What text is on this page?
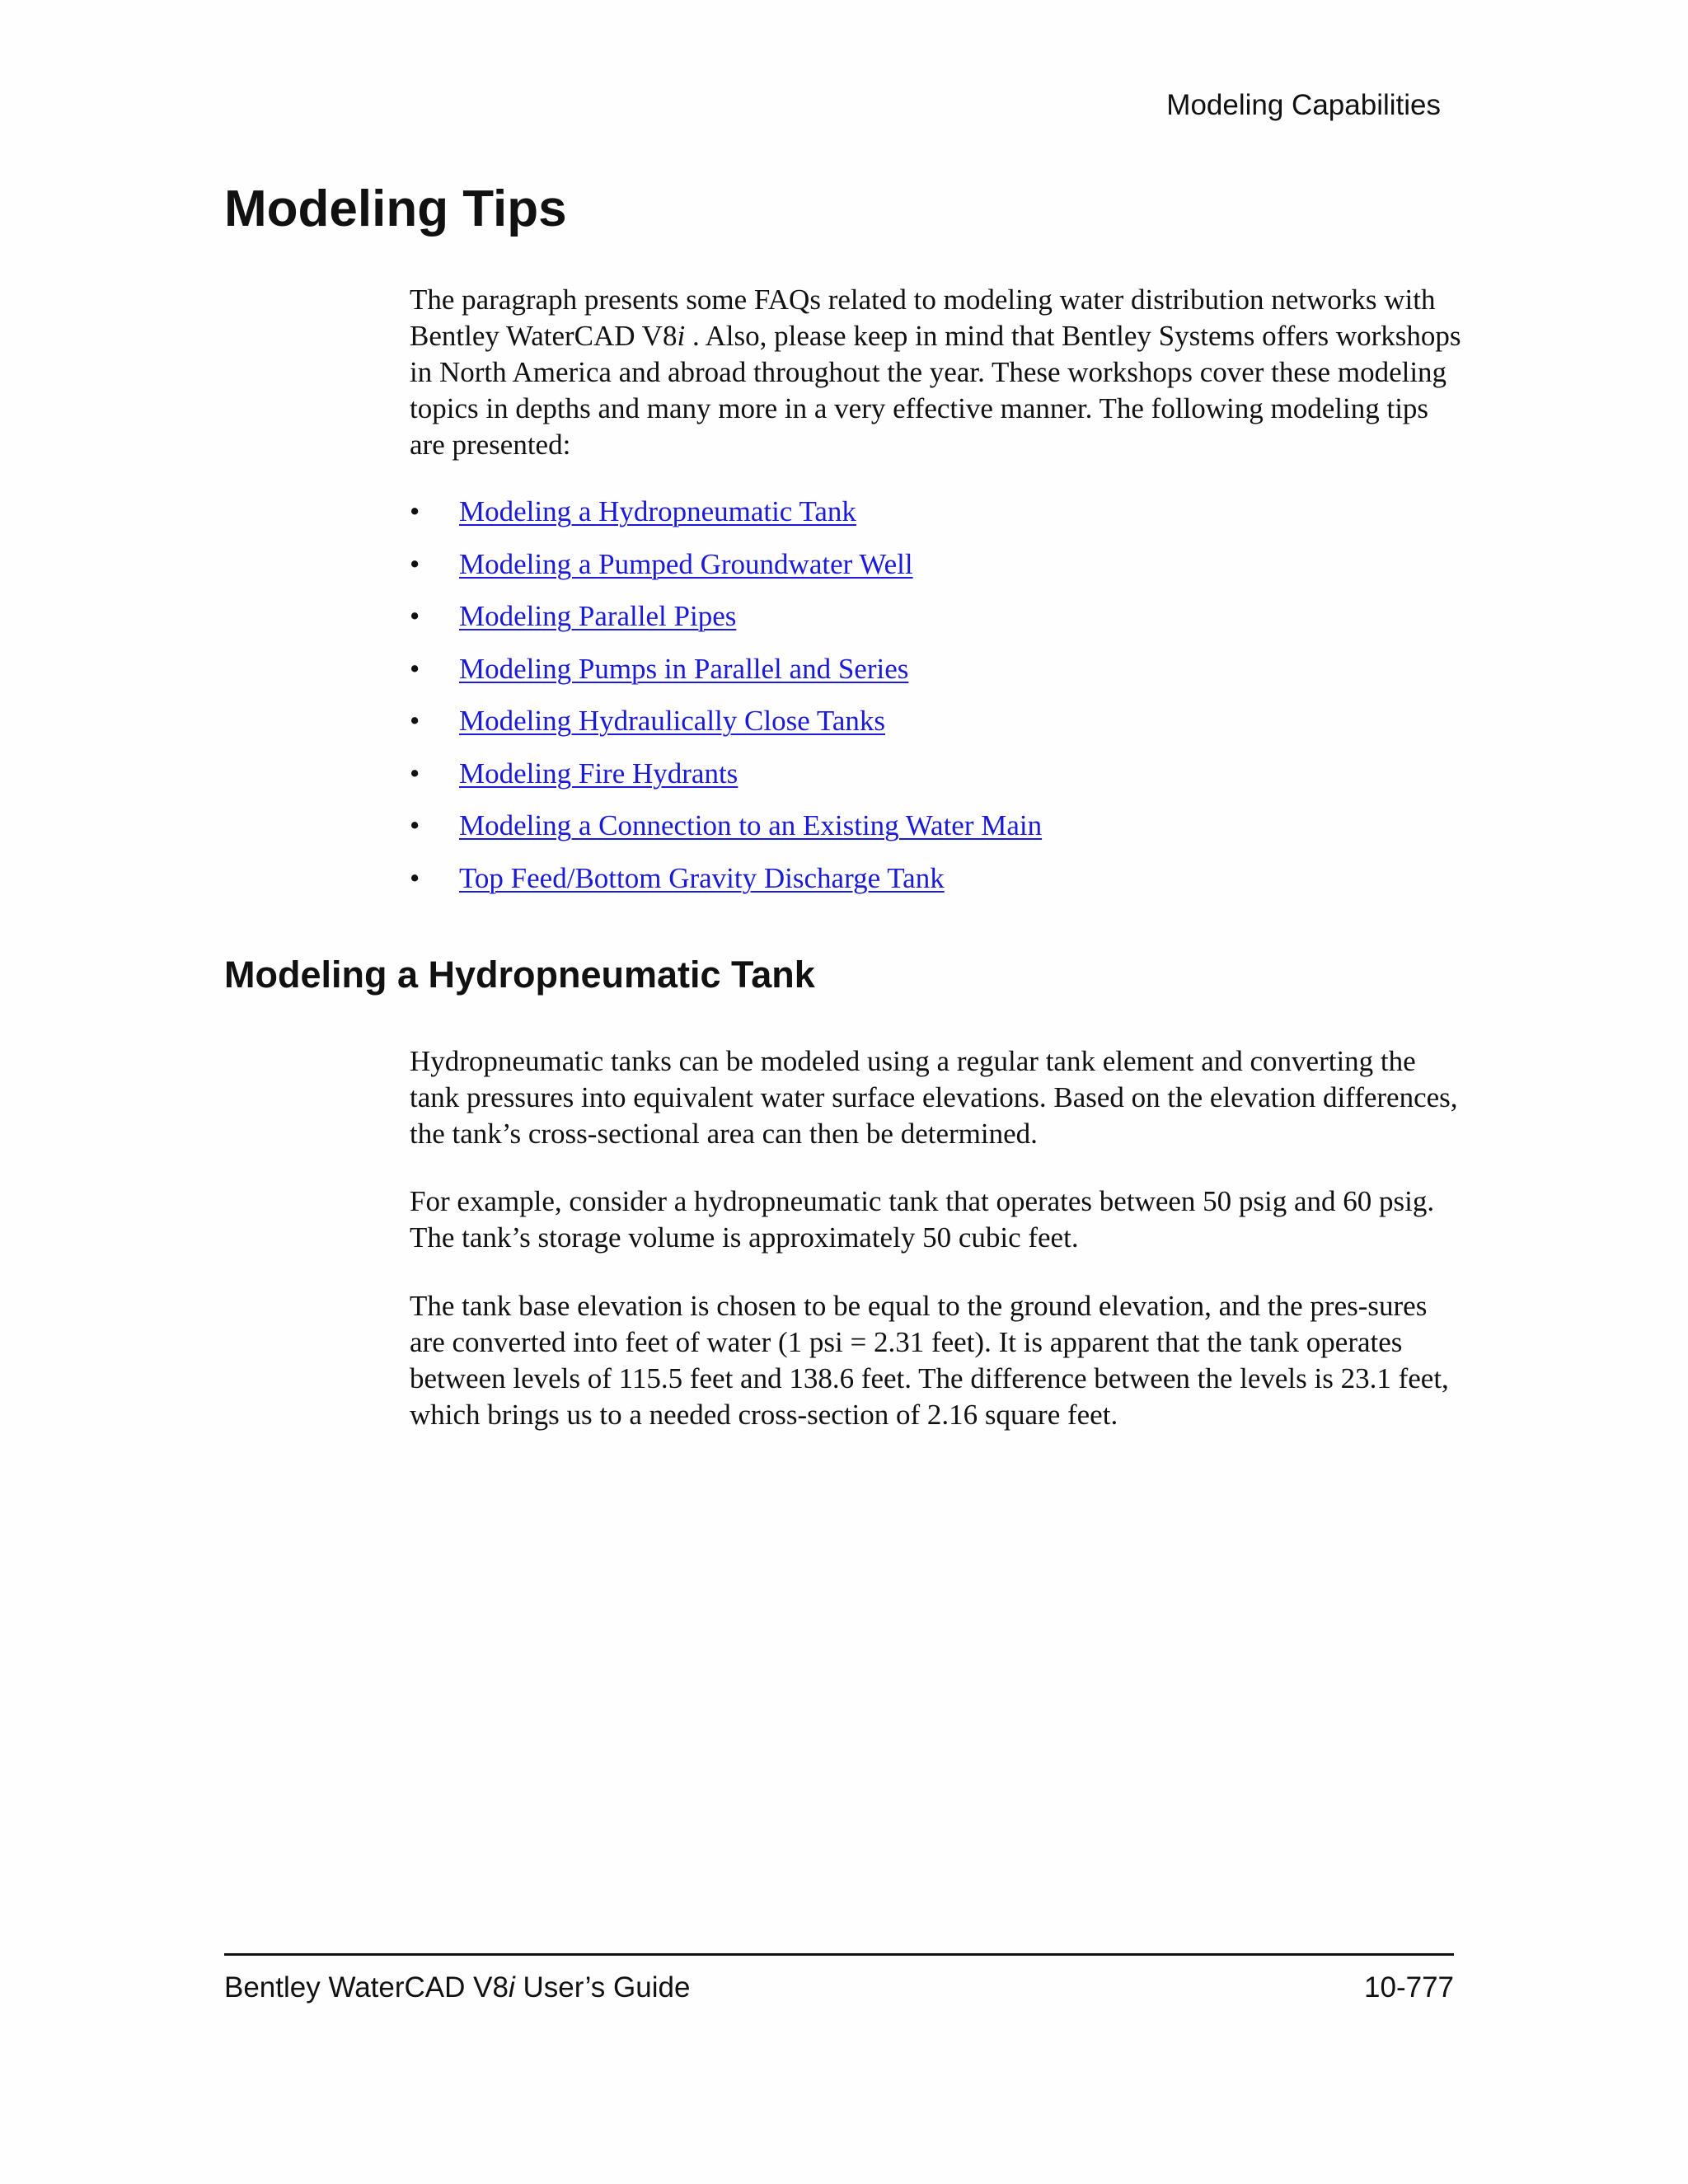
Modeling Capabilities
Modeling Tips

The paragraph presents some FAQs related to modeling water distribution networks with Bentley WaterCAD V8i . Also, please keep in mind that Bentley Systems offers workshops in North America and abroad throughout the year. These workshops cover these modeling topics in depths and many more in a very effective manner. The following modeling tips are presented:

• Modeling a Hydropneumatic Tank
• Modeling a Pumped Groundwater Well
• Modeling Parallel Pipes
• Modeling Pumps in Parallel and Series
• Modeling Hydraulically Close Tanks
• Modeling Fire Hydrants
• Modeling a Connection to an Existing Water Main
• Top Feed/Bottom Gravity Discharge Tank
Modeling a Hydropneumatic Tank

Hydropneumatic tanks can be modeled using a regular tank element and converting the tank pressures into equivalent water surface elevations. Based on the elevation differences, the tank’s cross-sectional area can then be determined.

For example, consider a hydropneumatic tank that operates between 50 psig and 60 psig. The tank’s storage volume is approximately 50 cubic feet.

The tank base elevation is chosen to be equal to the ground elevation, and the pres-sures are converted into feet of water (1 psi = 2.31 feet). It is apparent that the tank operates between levels of 115.5 feet and 138.6 feet. The difference between the levels is 23.1 feet, which brings us to a needed cross-section of 2.16 square feet.

Bentley WaterCAD V8i User’s Guide	10-777
